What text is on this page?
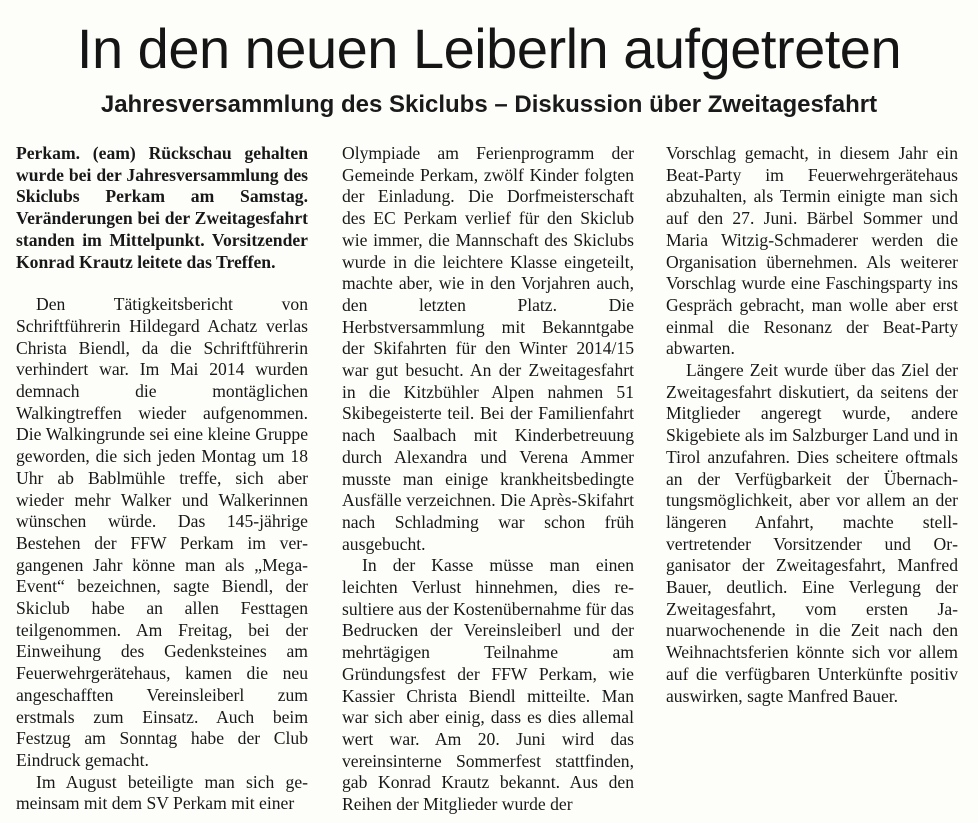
In den neuen Leiberln aufgetreten
Jahresversammlung des Skiclubs – Diskussion über Zweitagesfahrt

Perkam. (eam) Rückschau gehalten wurde bei der Jahresversammlung des Skiclubs Perkam am Samstag. Veränderungen bei der Zweitagesfahrt standen im Mittelpunkt. Vorsitzender Konrad Krautz leitete das Treffen.

Den Tätigkeitsbericht von Schriftführerin Hildegard Achatz verlas Christa Biendl, da die Schriftführerin verhindert war. Im Mai 2014 wurden demnach die montäglichen Walkingtreffen wieder aufgenommen. Die Walkingrunde sei eine kleine Gruppe geworden, die sich jeden Montag um 18 Uhr ab Bablmühle treffe, sich aber wieder mehr Walker und Walkerinnen wünschen würde. Das 145-jährige Bestehen der FFW Perkam im vergangenen Jahr könne man als „Mega-Event“ bezeichnen, sagte Biendl, der Skiclub habe an allen Festtagen teilgenommen. Am Freitag, bei der Einweihung des Gedenksteines am Feuerwehrgerätehaus, kamen die neu angeschafften Vereinsleiberl zum erstmals zum Einsatz. Auch beim Festzug am Sonntag habe der Club Eindruck gemacht.

Im August beteiligte man sich gemeinsam mit dem SV Perkam mit einer

Olympiade am Ferienprogramm der Gemeinde Perkam, zwölf Kinder folgten der Einladung. Die Dorfmeisterschaft des EC Perkam verlief für den Skiclub wie immer, die Mannschaft des Skiclubs wurde in die leichtere Klasse eingeteilt, machte aber, wie in den Vorjahren auch, den letzten Platz. Die Herbstversammlung mit Bekanntgabe der Skifahrten für den Winter 2014/15 war gut besucht. An der Zweitagesfahrt in die Kitzbühler Alpen nahmen 51 Skibegeisterte teil. Bei der Familienfahrt nach Saalbach mit Kinderbetreuung durch Alexandra und Verena Ammer musste man einige krankheitsbedingte Ausfälle verzeichnen. Die Après-Skifahrt nach Schladming war schon früh ausgebucht.

In der Kasse müsse man einen leichten Verlust hinnehmen, dies resultiere aus der Kostenübernahme für das Bedrucken der Vereinsleiberl und der mehrtägigen Teilnahme am Gründungsfest der FFW Perkam, wie Kassier Christa Biendl mitteilte. Man war sich aber einig, dass es dies allemal wert war. Am 20. Juni wird das vereinsinterne Sommerfest stattfinden, gab Konrad Krautz bekannt. Aus den Reihen der Mitglieder wurde der

Vorschlag gemacht, in diesem Jahr ein Beat-Party im Feuerwehrgerätehaus abzuhalten, als Termin einigte man sich auf den 27. Juni. Bärbel Sommer und Maria Witzig-Schmaderer werden die Organisation übernehmen. Als weiterer Vorschlag wurde eine Faschingsparty ins Gespräch gebracht, man wolle aber erst einmal die Resonanz der Beat-Party abwarten.

Längere Zeit wurde über das Ziel der Zweitagesfahrt diskutiert, da seitens der Mitglieder angeregt wurde, andere Skigebiete als im Salzburger Land und in Tirol anzufahren. Dies scheitere oftmals an der Verfügbarkeit der Übernachtungsmöglichkeit, aber vor allem an der längeren Anfahrt, machte stellvertretender Vorsitzender und Organisator der Zweitagesfahrt, Manfred Bauer, deutlich. Eine Verlegung der Zweitagesfahrt, vom ersten Januarwochenende in die Zeit nach den Weihnachtsferien könnte sich vor allem auf die verfügbaren Unterkünfte positiv auswirken, sagte Manfred Bauer.
